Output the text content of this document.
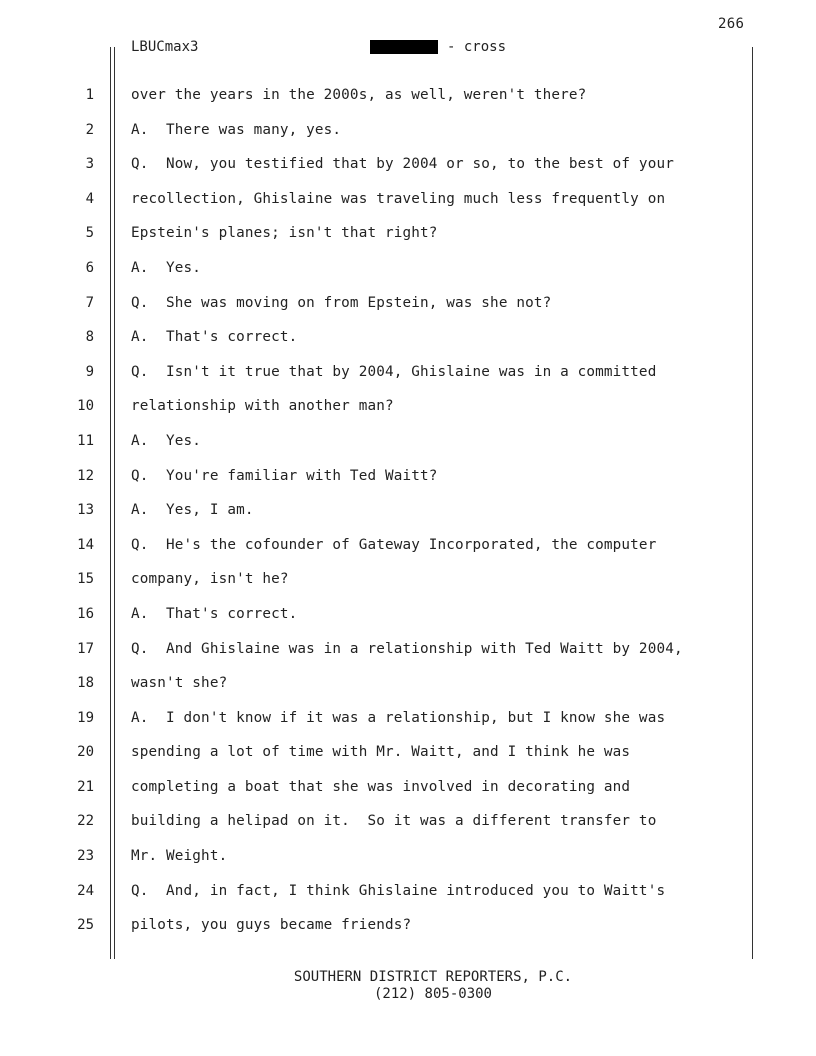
266
LBUCmax3	- cross
1
2
3
4
5
6
7
8
9
10
11
12
13
14
15
16
17
18
19
20
21
22
23
24
25
over the years in the 2000s, as well, weren't there?
A.  There was many, yes.
Q.  Now, you testified that by 2004 or so, to the best of your
recollection, Ghislaine was traveling much less frequently on
Epstein's planes; isn't that right?
A.  Yes.
Q.  She was moving on from Epstein, was she not?
A.  That's correct.
Q.  Isn't it true that by 2004, Ghislaine was in a committed
relationship with another man?
A.  Yes.
Q.  You're familiar with Ted Waitt?
A.  Yes, I am.
Q.  He's the cofounder of Gateway Incorporated, the computer
company, isn't he?
A.  That's correct.
Q.  And Ghislaine was in a relationship with Ted Waitt by 2004,
wasn't she?
A.  I don't know if it was a relationship, but I know she was
spending a lot of time with Mr. Waitt, and I think he was
completing a boat that she was involved in decorating and
building a helipad on it.  So it was a different transfer to
Mr. Weight.
Q.  And, in fact, I think Ghislaine introduced you to Waitt's
pilots, you guys became friends?
SOUTHERN DISTRICT REPORTERS, P.C.
(212) 805-0300
